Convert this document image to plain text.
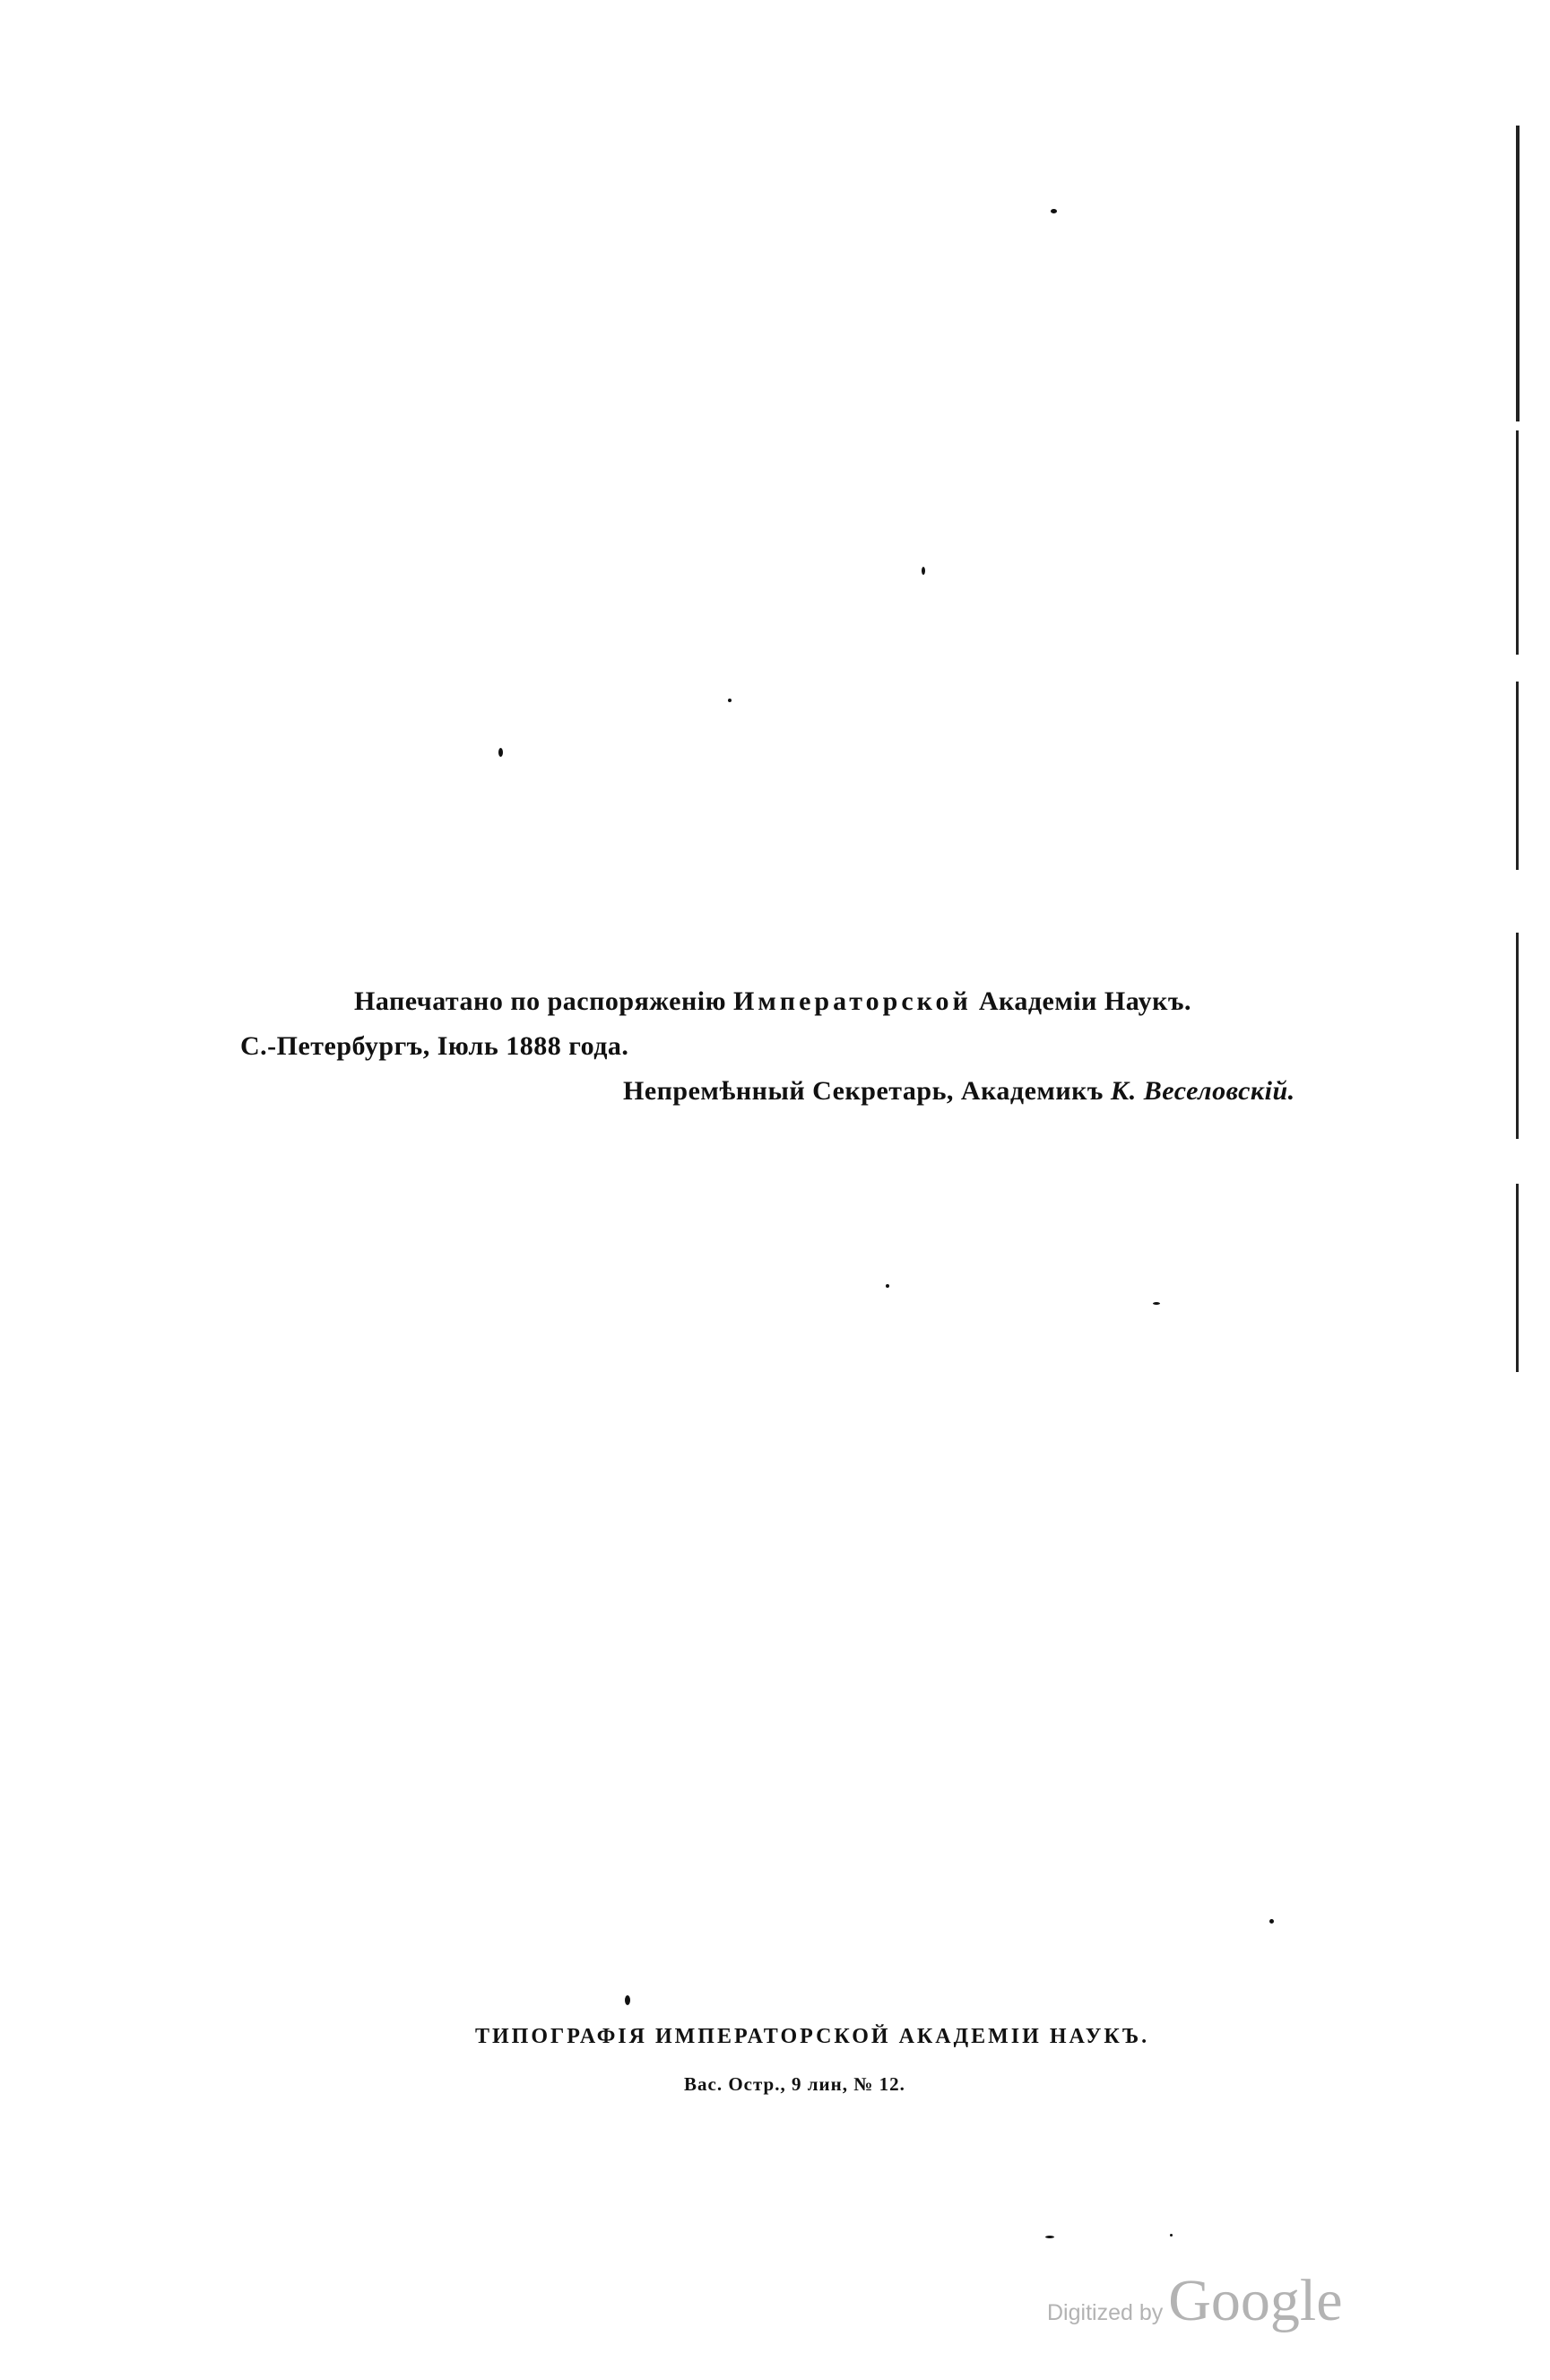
Напечатано по распоряженію Императорской Академіи Наукъ.
С.-Петербургъ, Іюль 1888 года.
Непремѣнный Секретарь, Академикъ К. Веселовскій.
ТИПОГРАФІЯ ИМПЕРАТОРСКОЙ АКАДЕМІИ НАУКЪ.
Вас. Остр., 9 лин, № 12.
Digitized byGoogle
